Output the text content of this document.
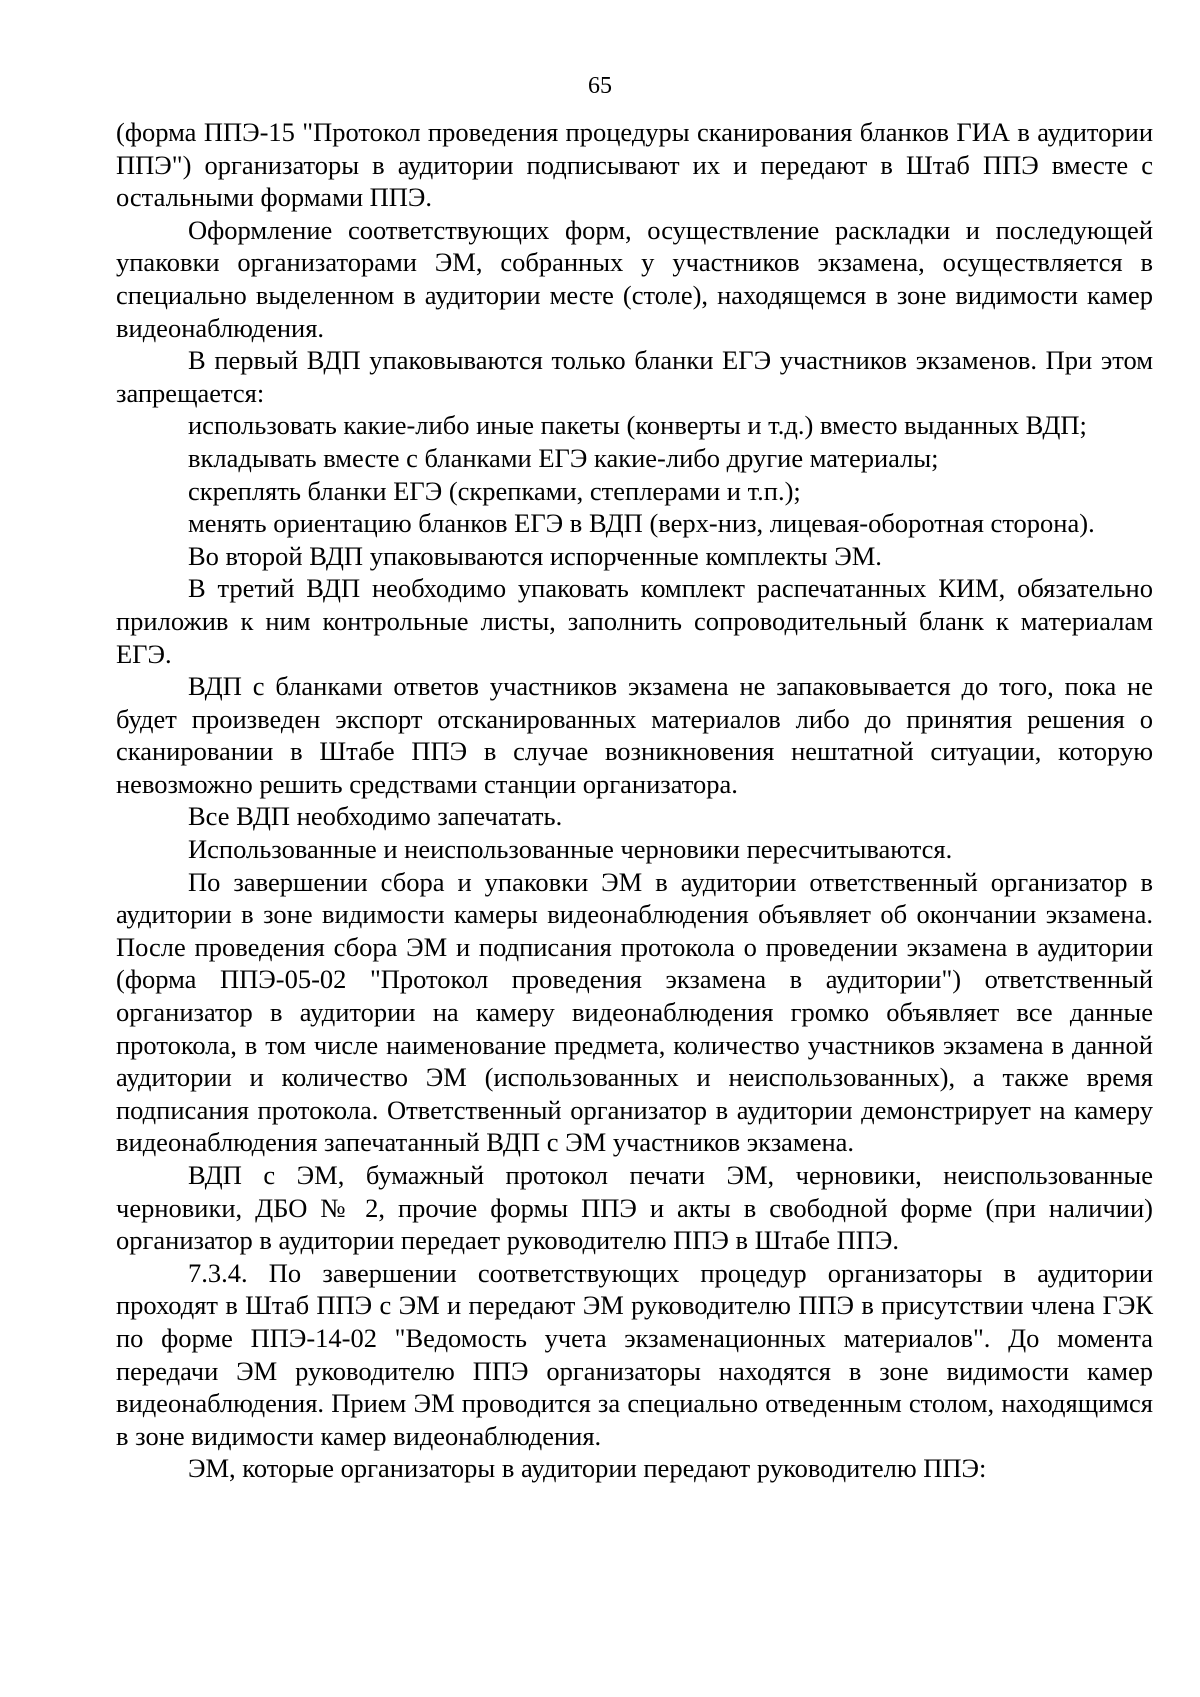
65

(форма ППЭ-15 "Протокол проведения процедуры сканирования бланков ГИА в аудитории ППЭ") организаторы в аудитории подписывают их и передают в Штаб ППЭ вместе с остальными формами ППЭ.

Оформление соответствующих форм, осуществление раскладки и последующей упаковки организаторами ЭМ, собранных у участников экзамена, осуществляется в специально выделенном в аудитории месте (столе), находящемся в зоне видимости камер видеонаблюдения.

В первый ВДП упаковываются только бланки ЕГЭ участников экзаменов. При этом запрещается:

использовать какие-либо иные пакеты (конверты и т.д.) вместо выданных ВДП;

вкладывать вместе с бланками ЕГЭ какие-либо другие материалы;

скреплять бланки ЕГЭ (скрепками, степлерами и т.п.);

менять ориентацию бланков ЕГЭ в ВДП (верх-низ, лицевая-оборотная сторона).

Во второй ВДП упаковываются испорченные комплекты ЭМ.

В третий ВДП необходимо упаковать комплект распечатанных КИМ, обязательно приложив к ним контрольные листы, заполнить сопроводительный бланк к материалам ЕГЭ.

ВДП с бланками ответов участников экзамена не запаковывается до того, пока не будет произведен экспорт отсканированных материалов либо до принятия решения о сканировании в Штабе ППЭ в случае возникновения нештатной ситуации, которую невозможно решить средствами станции организатора.

Все ВДП необходимо запечатать.

Использованные и неиспользованные черновики пересчитываются.

По завершении сбора и упаковки ЭМ в аудитории ответственный организатор в аудитории в зоне видимости камеры видеонаблюдения объявляет об окончании экзамена. После проведения сбора ЭМ и подписания протокола о проведении экзамена в аудитории (форма ППЭ-05-02 "Протокол проведения экзамена в аудитории") ответственный организатор в аудитории на камеру видеонаблюдения громко объявляет все данные протокола, в том числе наименование предмета, количество участников экзамена в данной аудитории и количество ЭМ (использованных и неиспользованных), а также время подписания протокола. Ответственный организатор в аудитории демонстрирует на камеру видеонаблюдения запечатанный ВДП с ЭМ участников экзамена.

ВДП с ЭМ, бумажный протокол печати ЭМ, черновики, неиспользованные черновики, ДБО № 2, прочие формы ППЭ и акты в свободной форме (при наличии) организатор в аудитории передает руководителю ППЭ в Штабе ППЭ.

7.3.4. По завершении соответствующих процедур организаторы в аудитории проходят в Штаб ППЭ с ЭМ и передают ЭМ руководителю ППЭ в присутствии члена ГЭК по форме ППЭ-14-02 "Ведомость учета экзаменационных материалов". До момента передачи ЭМ руководителю ППЭ организаторы находятся в зоне видимости камер видеонаблюдения. Прием ЭМ проводится за специально отведенным столом, находящимся в зоне видимости камер видеонаблюдения.

ЭМ, которые организаторы в аудитории передают руководителю ППЭ:
